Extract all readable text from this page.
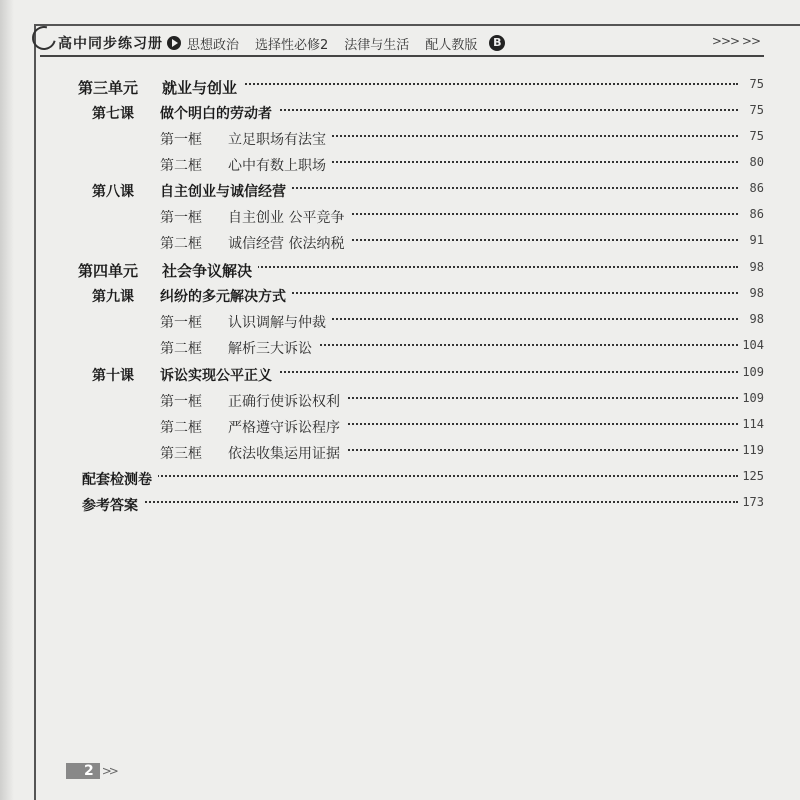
高中同步练习册 思想政治 选择性必修2 法律与生活 配人教版	B	>>> >>
第三单元 就业与创业	75
第七课 做个明白的劳动者	75
第一框 立足职场有法宝	75
第二框 心中有数上职场	80
第八课 自主创业与诚信经营	86
第一框 自主创业 公平竞争	86
第二框 诚信经营 依法纳税	91
第四单元 社会争议解决	98
第九课 纠纷的多元解决方式	98
第一框 认识调解与仲裁	98
第二框 解析三大诉讼	104
第十课 诉讼实现公平正义	109
第一框 正确行使诉讼权利	109
第二框 严格遵守诉讼程序	114
第三框 依法收集运用证据	119
配套检测卷	125
参考答案	173
2 >>
